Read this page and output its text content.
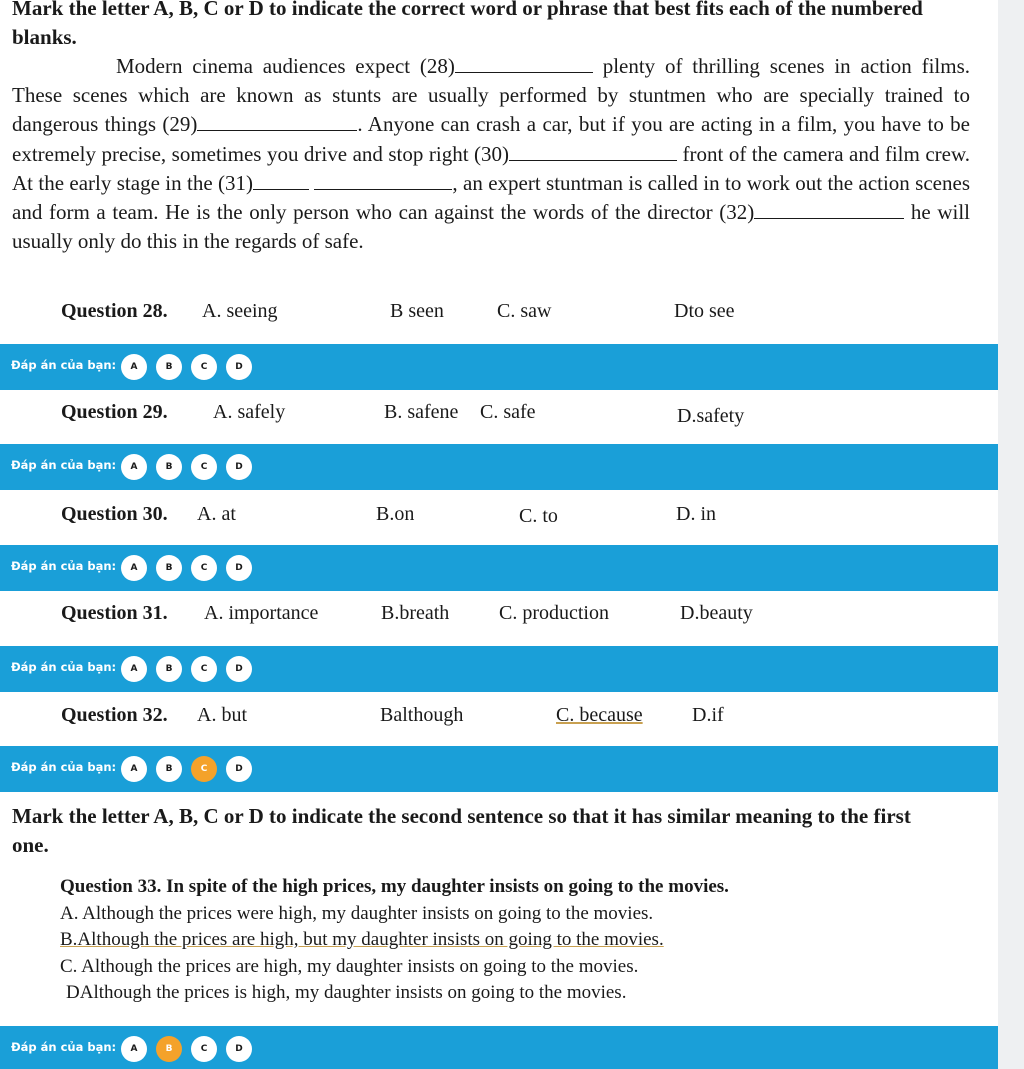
Mark the letter A, B, C or D to indicate the correct word or phrase that best fits each of the numbered blanks.

Modern cinema audiences expect (28)	plenty of thrilling scenes in action films. These scenes which are known as stunts are usually performed by stuntmen who are specially trained to dangerous things (29)	. Anyone can crash a car, but if you are acting in a film, you have to be extremely precise, sometimes you drive and stop right (30)	front of the camera and film crew. At the early stage in the (31)	, an expert stuntman is called in to work out the action scenes and form a team. He is the only person who can against the words of the director (32)	he will usually only do this in the regards of safe.

Question 28. A. seeing	B seen	C. saw	Dto see
Đáp án của bạn:	A	B	C	D
Question 29. A. safely	B. safene C. safe	D.safety
Đáp án của bạn:	A	B	C	D
Question 30. A. at	B.on	C. to	D. in
Đáp án của bạn:	A	B	C	D
Question 31. A. importance	B.breath C. production	D.beauty
Đáp án của bạn:	A	B	C	D
Question 32. A. but	Balthough	C. because D.if
Đáp án của bạn:	A	B	C	D
Mark the letter A, B, C or D to indicate the second sentence so that it has similar meaning to the first one.
Question 33. In spite of the high prices, my daughter insists on going to the movies.
A. Although the prices were high, my daughter insists on going to the movies.
B.Although the prices are high, but my daughter insists on going to the movies.
C. Although the prices are high, my daughter insists on going to the movies.
DAlthough the prices is high, my daughter insists on going to the movies.
Đáp án của bạn:	A	B	C	D
